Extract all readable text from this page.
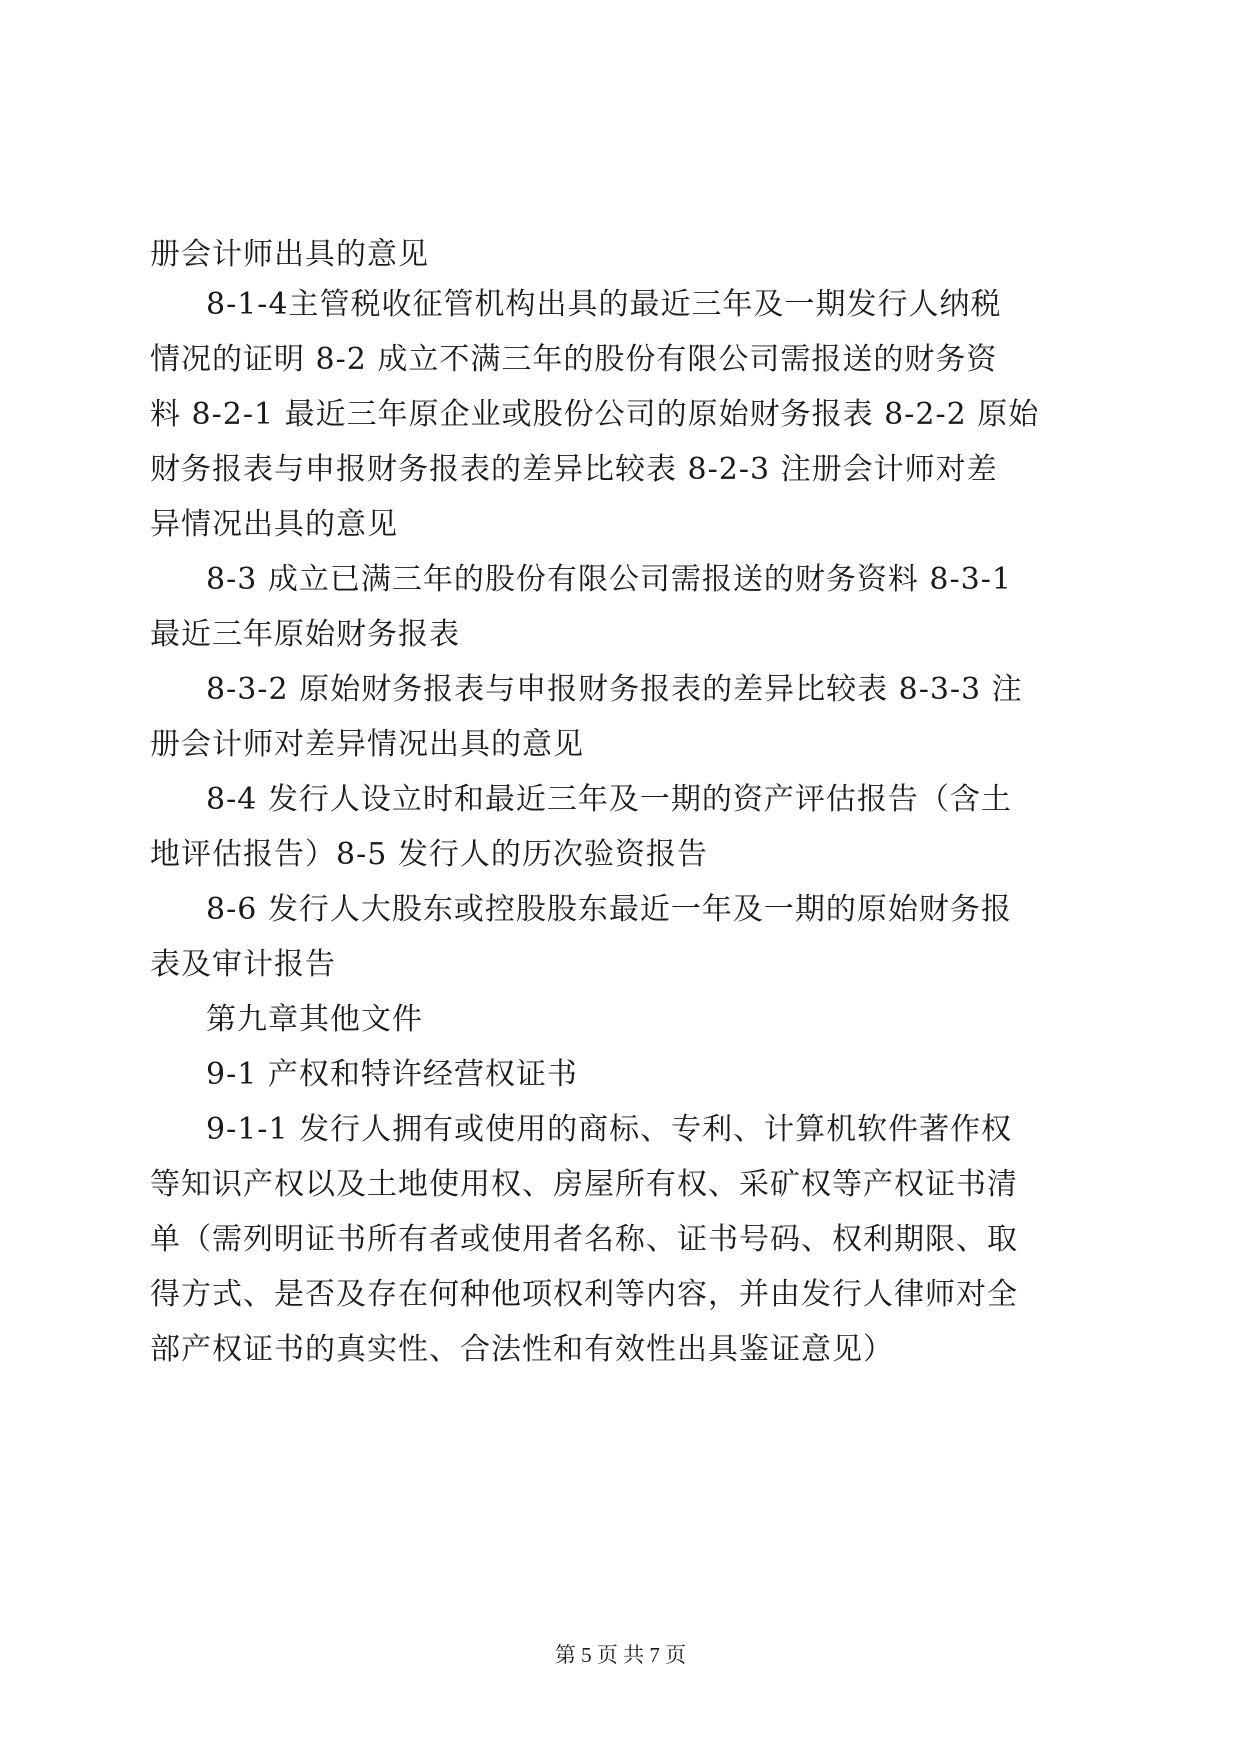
册会计师出具的意见
8-1-4主管税收征管机构出具的最近三年及一期发行人纳税
情况的证明 8-2 成立不满三年的股份有限公司需报送的财务资
料 8-2-1 最近三年原企业或股份公司的原始财务报表 8-2-2 原始
财务报表与申报财务报表的差异比较表 8-2-3 注册会计师对差
异情况出具的意见
8-3 成立已满三年的股份有限公司需报送的财务资料 8-3-1
最近三年原始财务报表
8-3-2 原始财务报表与申报财务报表的差异比较表 8-3-3 注
册会计师对差异情况出具的意见
8-4 发行人设立时和最近三年及一期的资产评估报告（含土
地评估报告）8-5 发行人的历次验资报告
8-6 发行人大股东或控股股东最近一年及一期的原始财务报
表及审计报告
第九章其他文件
9-1 产权和特许经营权证书
9-1-1 发行人拥有或使用的商标、专利、计算机软件著作权
等知识产权以及土地使用权、房屋所有权、采矿权等产权证书清
单（需列明证书所有者或使用者名称、证书号码、权利期限、取
得方式、是否及存在何种他项权利等内容，并由发行人律师对全
部产权证书的真实性、合法性和有效性出具鉴证意见）
第 5 页 共 7 页
